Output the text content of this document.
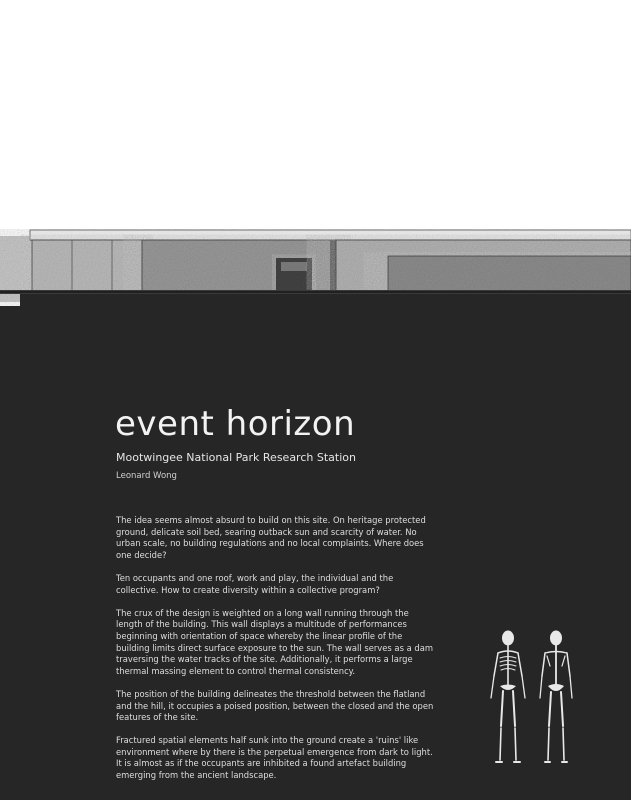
event horizon
Mootwingee National Park Research Station
Leonard Wong

The idea seems almost absurd to build on this site. On heritage protected ground, delicate soil bed, searing outback sun and scarcity of water. No urban scale, no building regulations and no local complaints. Where does one decide?

Ten occupants and one roof, work and play, the individual and the collective. How to create diversity within a collective program?

The crux of the design is weighted on a long wall running through the length of the building. This wall displays a multitude of performances beginning with orientation of space whereby the linear profile of the building limits direct surface exposure to the sun. The wall serves as a dam traversing the water tracks of the site. Additionally, it performs a large thermal massing element to control thermal consistency.

The position of the building delineates the threshold between the flatland and the hill, it occupies a poised position, between the closed and the open features of the site.

Fractured spatial elements half sunk into the ground create a 'ruins' like environment where by there is the perpetual emergence from dark to light. It is almost as if the occupants are inhibited a found artefact building emerging from the ancient landscape.
